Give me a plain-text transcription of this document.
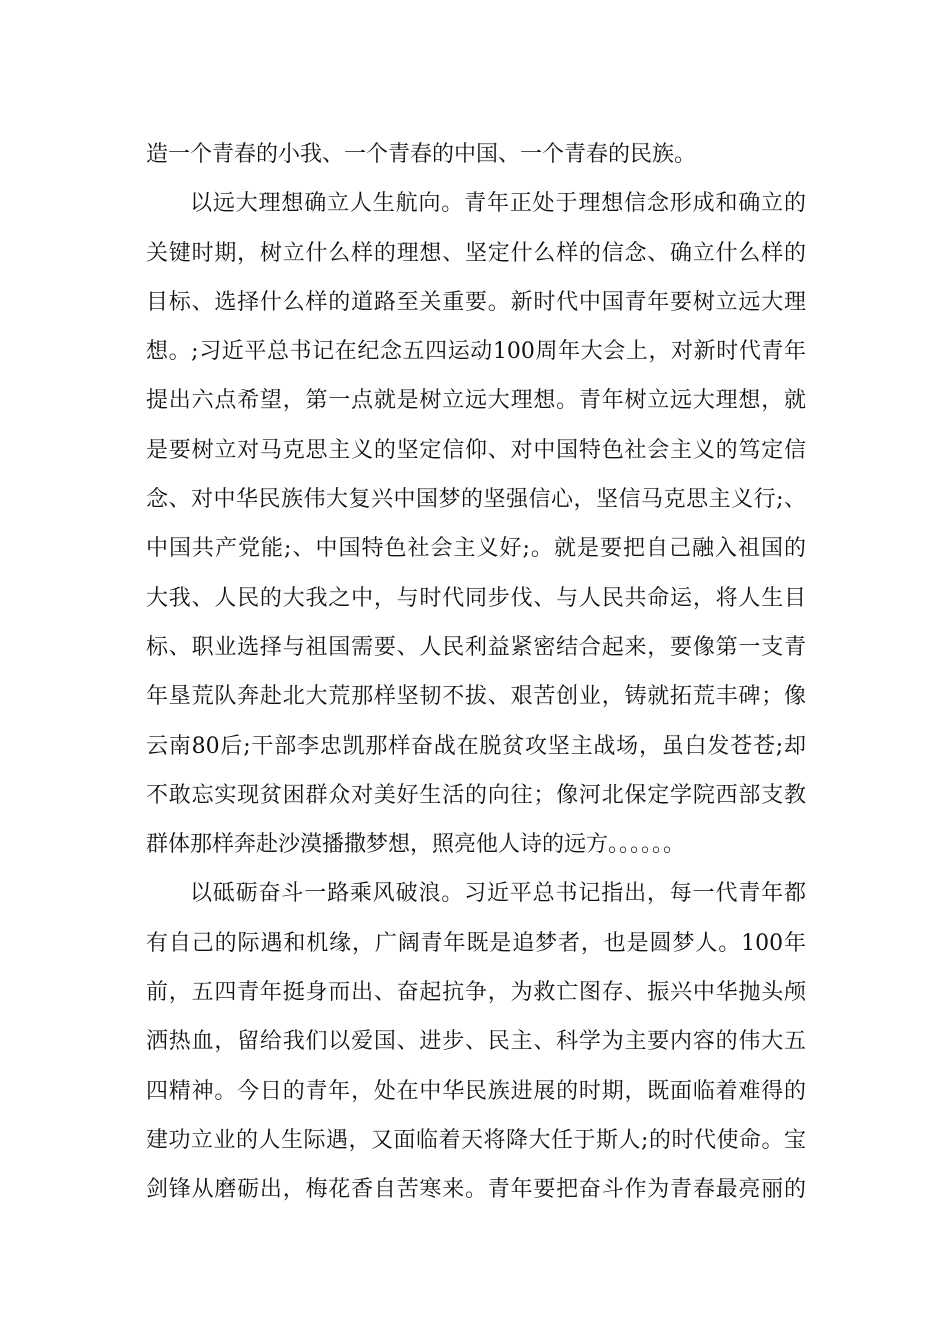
造一个青春的小我、一个青春的中国、一个青春的民族。
以远大理想确立人生航向。青年正处于理想信念形成和确立的
关键时期，树立什么样的理想、坚定什么样的信念、确立什么样的
目标、选择什么样的道路至关重要。新时代中国青年要树立远大理
想。;习近平总书记在纪念五四运动100周年大会上，对新时代青年
提出六点希望，第一点就是树立远大理想。青年树立远大理想，就
是要树立对马克思主义的坚定信仰、对中国特色社会主义的笃定信
念、对中华民族伟大复兴中国梦的坚强信心，坚信马克思主义行;、
中国共产党能;、中国特色社会主义好;。就是要把自己融入祖国的
大我、人民的大我之中，与时代同步伐、与人民共命运，将人生目
标、职业选择与祖国需要、人民利益紧密结合起来，要像第一支青
年垦荒队奔赴北大荒那样坚韧不拔、艰苦创业，铸就拓荒丰碑；像
云南80后;干部李忠凯那样奋战在脱贫攻坚主战场，虽白发苍苍;却
不敢忘实现贫困群众对美好生活的向往；像河北保定学院西部支教
群体那样奔赴沙漠播撒梦想，照亮他人诗的远方。。。。。。
以砥砺奋斗一路乘风破浪。习近平总书记指出，每一代青年都
有自己的际遇和机缘，广阔青年既是追梦者，也是圆梦人。100年
前，五四青年挺身而出、奋起抗争，为救亡图存、振兴中华抛头颅
洒热血，留给我们以爱国、进步、民主、科学为主要内容的伟大五
四精神。今日的青年，处在中华民族进展的时期，既面临着难得的
建功立业的人生际遇，又面临着天将降大任于斯人;的时代使命。宝
剑锋从磨砺出，梅花香自苦寒来。青年要把奋斗作为青春最亮丽的
